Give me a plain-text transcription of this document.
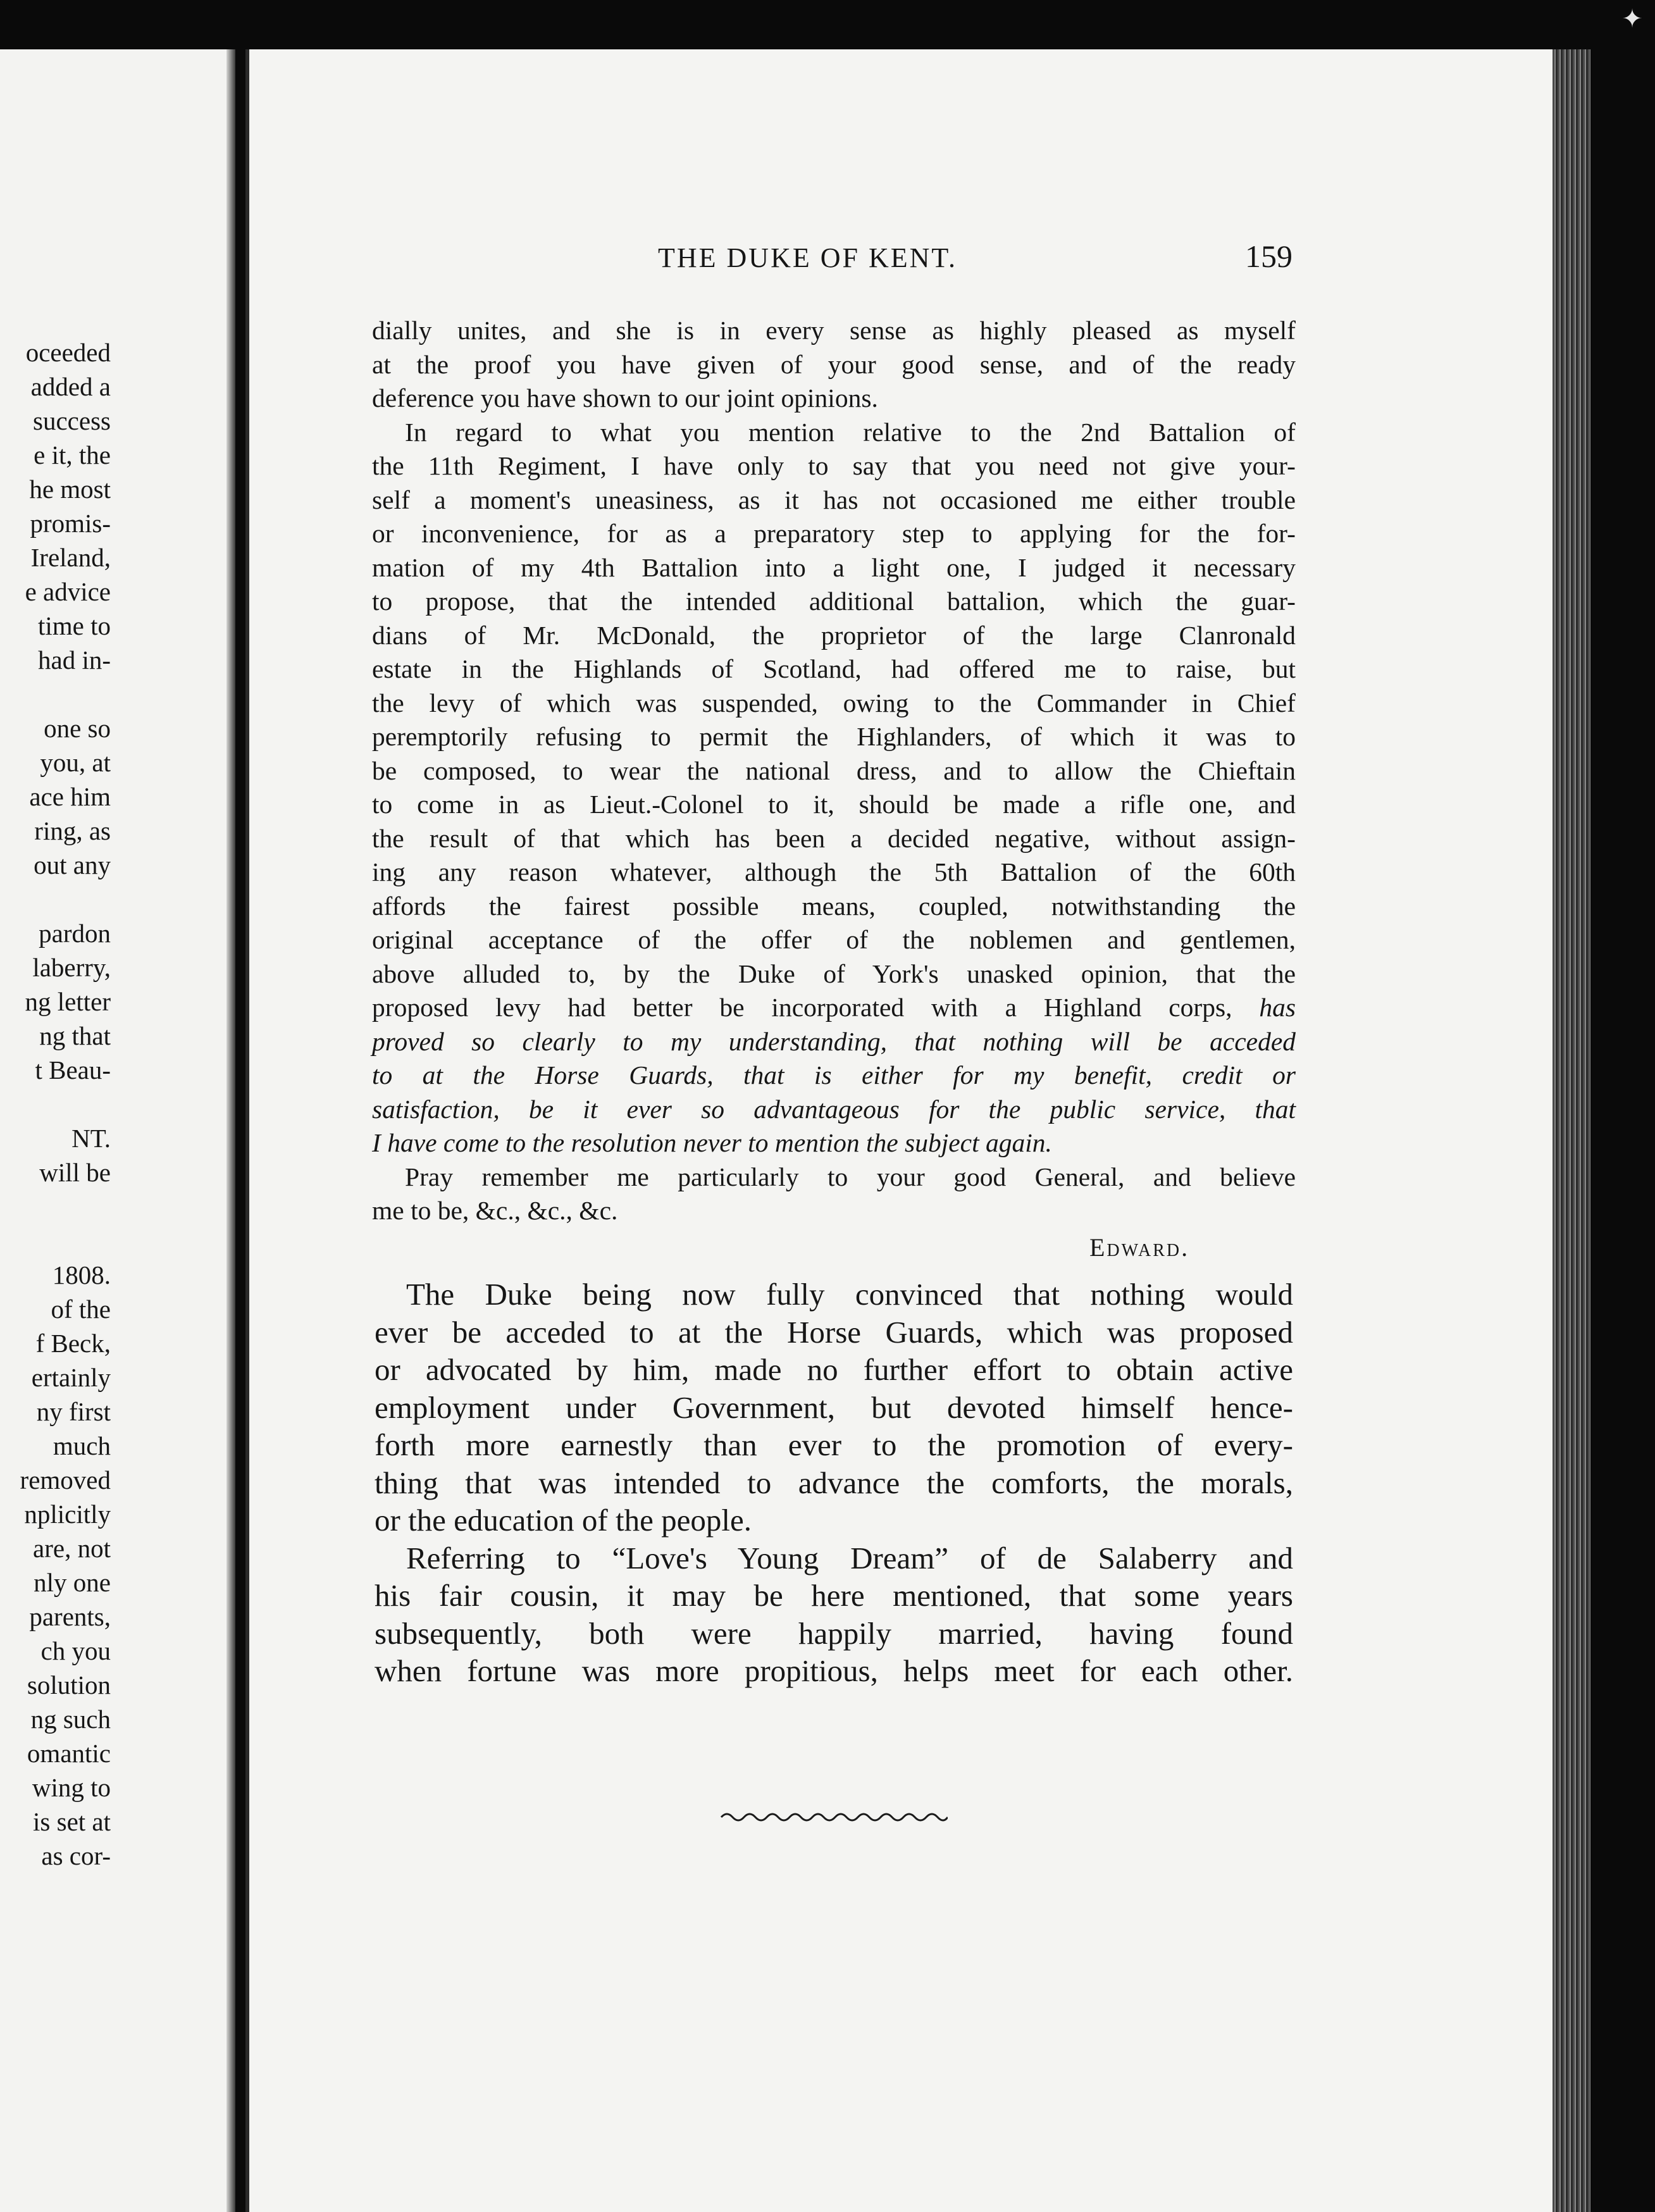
oceeded
added a
success
e it, the
he most
promis-
Ireland,
e advice
time to
had in-
one so
you, at
ace him
ring, as
out any
pardon
laberry,
ng letter
ng that
t Beau-
NT.
will be
1808.
of the
f Beck,
ertainly
ny first
much
removed
nplicitly
are, not
nly one
parents,
ch you
solution
ng such
omantic
wing to
is set at
as cor-
✦
THE DUKE OF KENT.	159
dially unites, and she is in every sense as highly pleased as myself
at the proof you have given of your good sense, and of the ready
deference you have shown to our joint opinions.
In regard to what you mention relative to the 2nd Battalion of
the 11th Regiment, I have only to say that you need not give your-
self a moment's uneasiness, as it has not occasioned me either trouble
or inconvenience, for as a preparatory step to applying for the for-
mation of my 4th Battalion into a light one, I judged it necessary
to propose, that the intended additional battalion, which the guar-
dians of Mr. McDonald, the proprietor of the large Clanronald
estate in the Highlands of Scotland, had offered me to raise, but
the levy of which was suspended, owing to the Commander in Chief
peremptorily refusing to permit the Highlanders, of which it was to
be composed, to wear the national dress, and to allow the Chieftain
to come in as Lieut.-Colonel to it, should be made a rifle one, and
the result of that which has been a decided negative, without assign-
ing any reason whatever, although the 5th Battalion of the 60th
affords the fairest possible means, coupled, notwithstanding the
original acceptance of the offer of the noblemen and gentlemen,
above alluded to, by the Duke of York's unasked opinion, that the
proposed levy had better be incorporated with a Highland corps, has
proved so clearly to my understanding, that nothing will be acceded
to at the Horse Guards, that is either for my benefit, credit or
satisfaction, be it ever so advantageous for the public service, that
I have come to the resolution never to mention the subject again.
Pray remember me particularly to your good General, and believe
me to be, &c., &c., &c.
Edward.
The Duke being now fully convinced that nothing would
ever be acceded to at the Horse Guards, which was proposed
or advocated by him, made no further effort to obtain active
employment under Government, but devoted himself hence-
forth more earnestly than ever to the promotion of every-
thing that was intended to advance the comforts, the morals,
or the education of the people.
Referring to “Love's Young Dream” of de Salaberry and
his fair cousin, it may be here mentioned, that some years
subsequently, both were happily married, having found
when fortune was more propitious, helps meet for each other.
